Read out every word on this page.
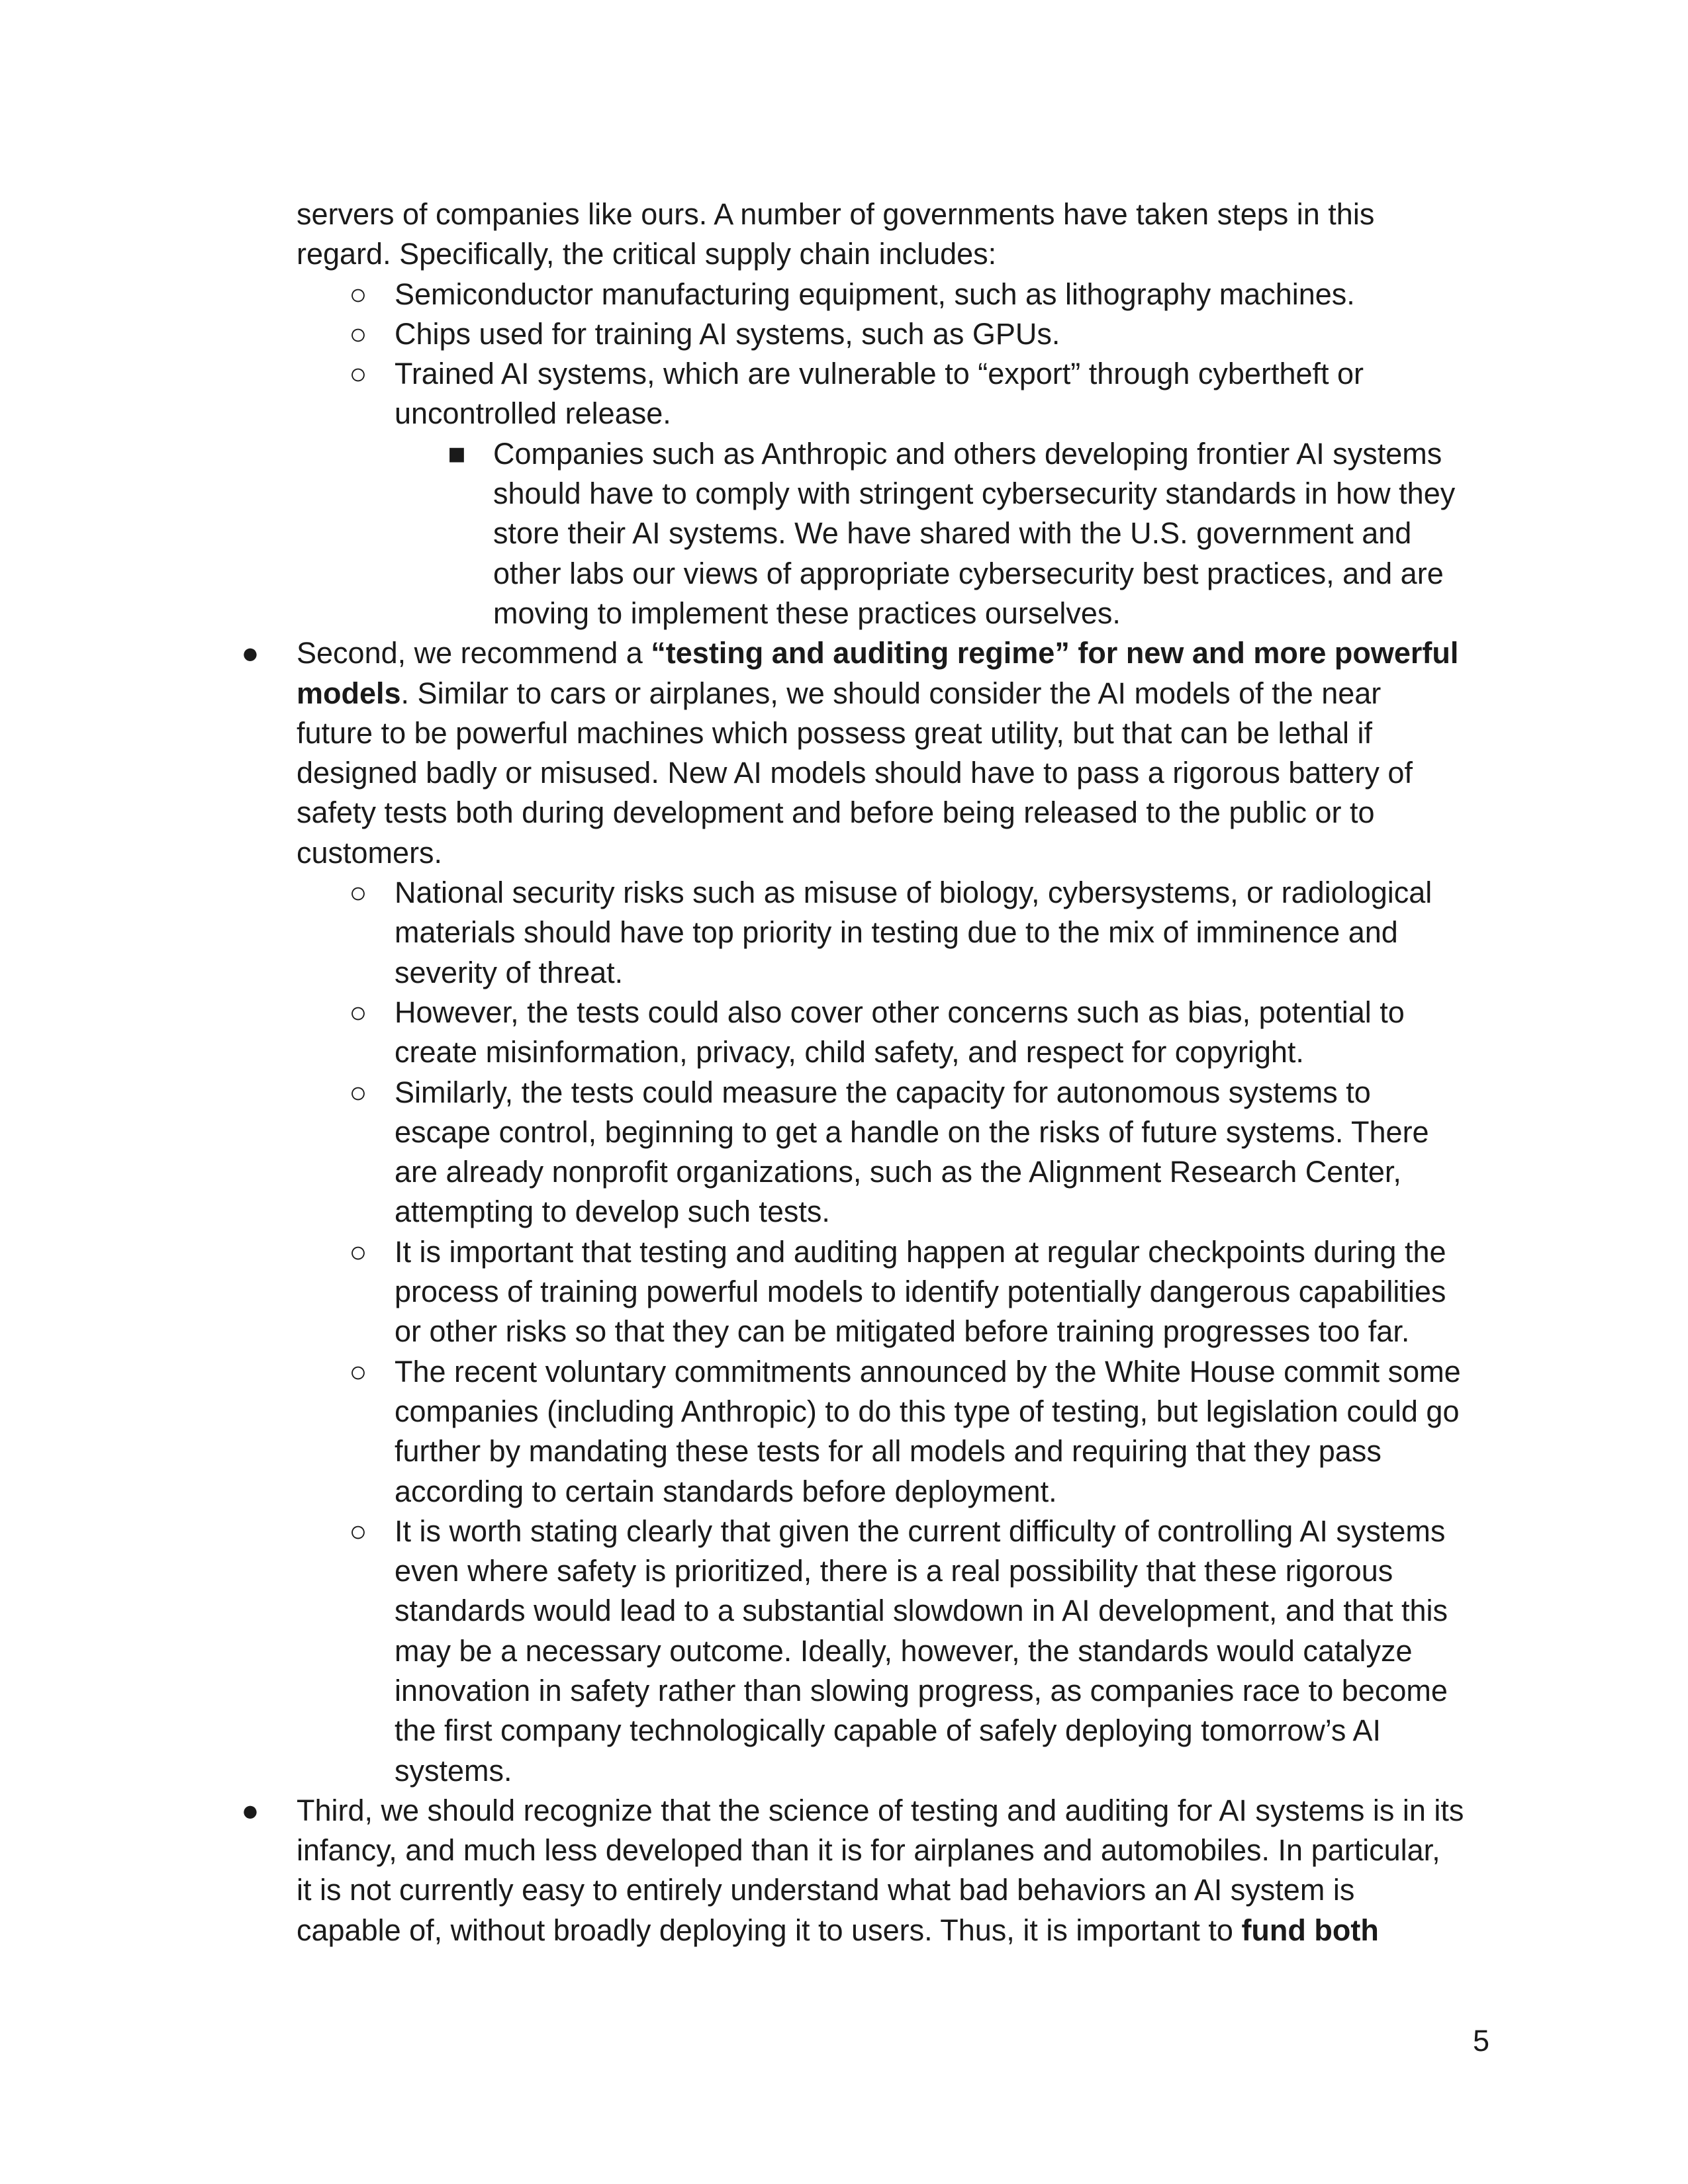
servers of companies like ours. A number of governments have taken steps in this
regard. Specifically, the critical supply chain includes:
○ Semiconductor manufacturing equipment, such as lithography machines.
○ Chips used for training AI systems, such as GPUs.
○ Trained AI systems, which are vulnerable to “export” through cybertheft or
uncontrolled release.
■ Companies such as Anthropic and others developing frontier AI systems
should have to comply with stringent cybersecurity standards in how they
store their AI systems. We have shared with the U.S. government and
other labs our views of appropriate cybersecurity best practices, and are
moving to implement these practices ourselves.
●	Second, we recommend a “testing and auditing regime” for new and more powerful
models. Similar to cars or airplanes, we should consider the AI models of the near
future to be powerful machines which possess great utility, but that can be lethal if
designed badly or misused. New AI models should have to pass a rigorous battery of
safety tests both during development and before being released to the public or to
customers.
○ National security risks such as misuse of biology, cybersystems, or radiological
materials should have top priority in testing due to the mix of imminence and
severity of threat.
○ However, the tests could also cover other concerns such as bias, potential to
create misinformation, privacy, child safety, and respect for copyright.
○ Similarly, the tests could measure the capacity for autonomous systems to
escape control, beginning to get a handle on the risks of future systems. There
are already nonprofit organizations, such as the Alignment Research Center,
attempting to develop such tests.
○ It is important that testing and auditing happen at regular checkpoints during the
process of training powerful models to identify potentially dangerous capabilities
or other risks so that they can be mitigated before training progresses too far.
○ The recent voluntary commitments announced by the White House commit some
companies (including Anthropic) to do this type of testing, but legislation could go
further by mandating these tests for all models and requiring that they pass
according to certain standards before deployment.
○ It is worth stating clearly that given the current difficulty of controlling AI systems
even where safety is prioritized, there is a real possibility that these rigorous
standards would lead to a substantial slowdown in AI development, and that this
may be a necessary outcome. Ideally, however, the standards would catalyze
innovation in safety rather than slowing progress, as companies race to become
the first company technologically capable of safely deploying tomorrow’s AI
systems.
●	Third, we should recognize that the science of testing and auditing for AI systems is in its
infancy, and much less developed than it is for airplanes and automobiles. In particular,
it is not currently easy to entirely understand what bad behaviors an AI system is
capable of, without broadly deploying it to users. Thus, it is important to fund both
5
